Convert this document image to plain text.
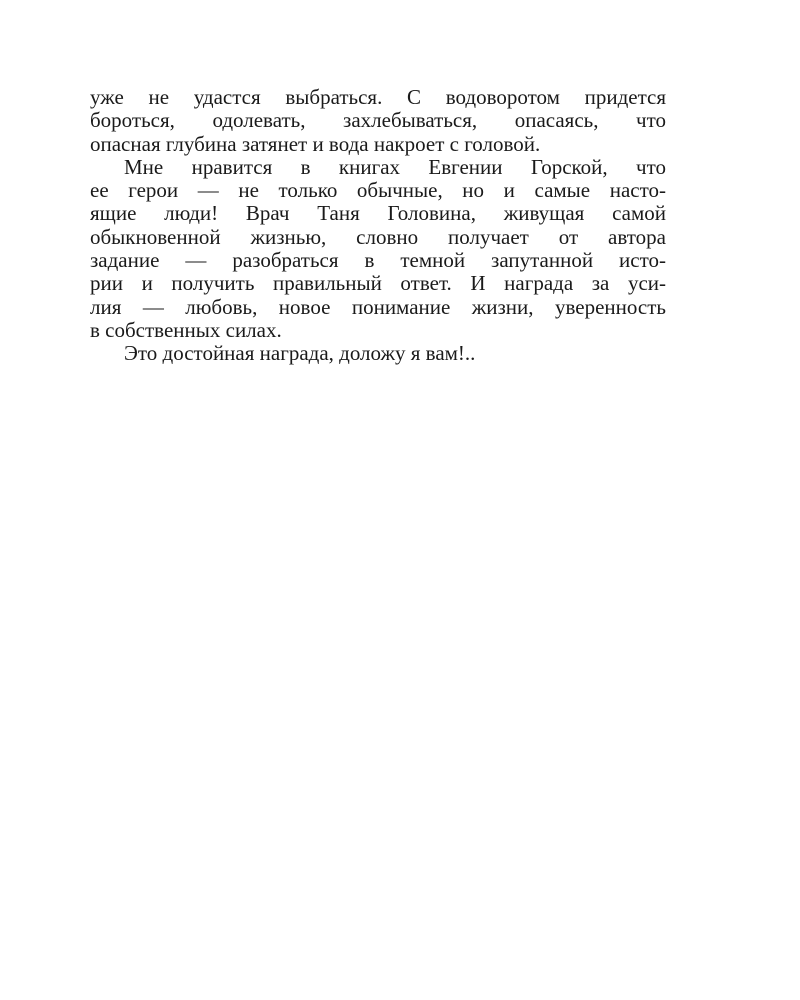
уже не удастся выбраться. С водоворотом придется
бороться, одолевать, захлебываться, опасаясь, что
опасная глубина затянет и вода накроет с головой.
Мне нравится в книгах Евгении Горской, что
ее герои — не только обычные, но и самые насто-
ящие люди! Врач Таня Головина, живущая самой
обыкновенной жизнью, словно получает от автора
задание — разобраться в темной запутанной исто-
рии и получить правильный ответ. И награда за уси-
лия — любовь, новое понимание жизни, уверенность
в собственных силах.
Это достойная награда, доложу я вам!..
